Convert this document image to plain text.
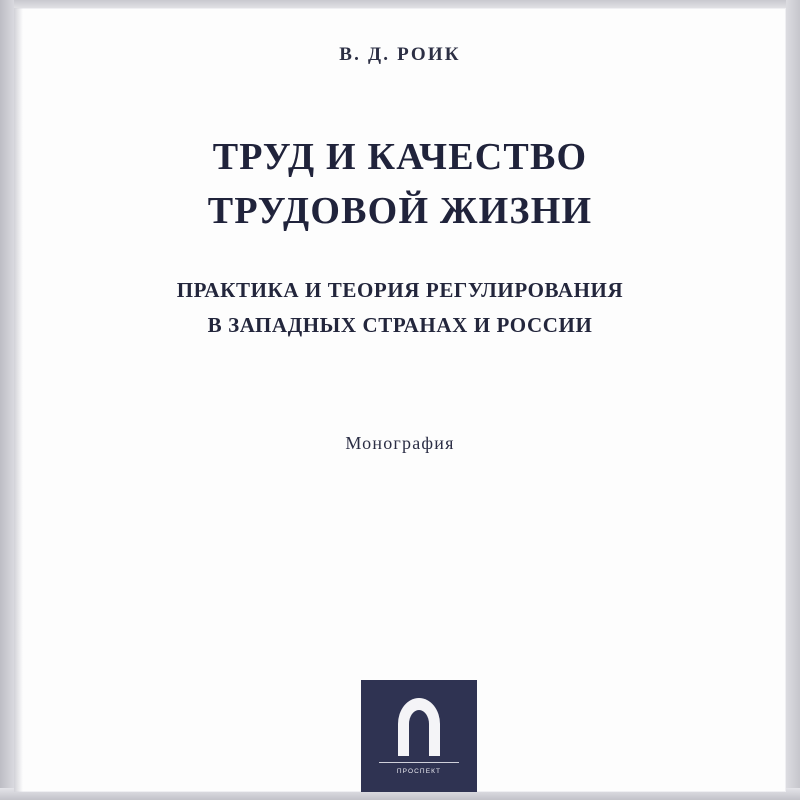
В. Д. РОИК
ТРУД И КАЧЕСТВО
ТРУДОВОЙ ЖИЗНИ
ПРАКТИКА И ТЕОРИЯ РЕГУЛИРОВАНИЯ
В ЗАПАДНЫХ СТРАНАХ И РОССИИ
Монография
ПРОСПЕКТ
